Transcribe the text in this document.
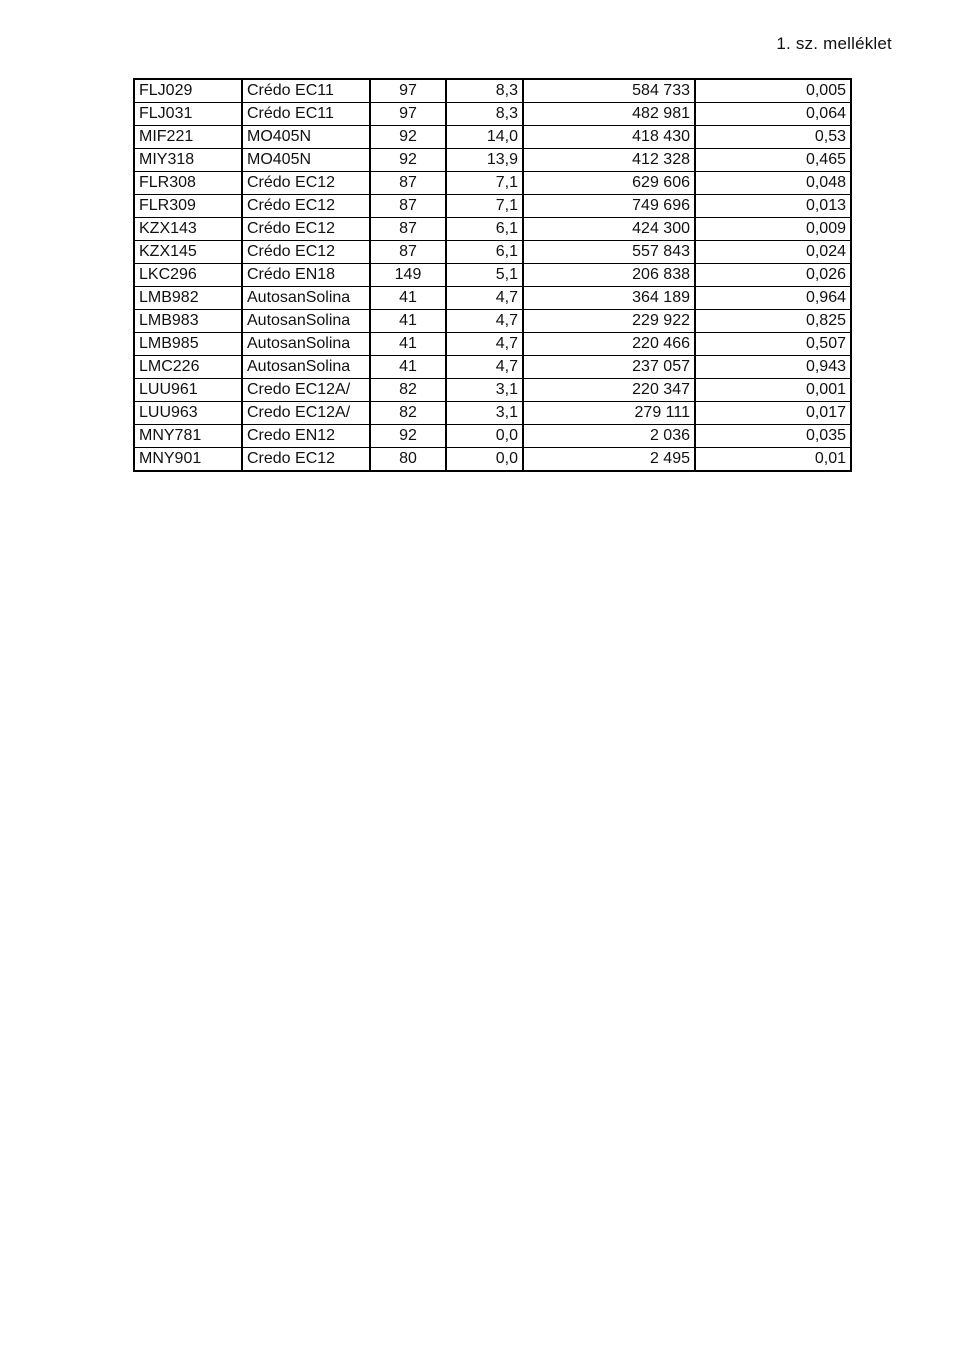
1. sz. melléklet
FLJ029	Crédo EC11	97	8,3	584 733	0,005
FLJ031	Crédo EC11	97	8,3	482 981	0,064
MIF221	MO405N	92	14,0	418 430	0,53
MIY318	MO405N	92	13,9	412 328	0,465
FLR308	Crédo EC12	87	7,1	629 606	0,048
FLR309	Crédo EC12	87	7,1	749 696	0,013
KZX143	Crédo EC12	87	6,1	424 300	0,009
KZX145	Crédo EC12	87	6,1	557 843	0,024
LKC296	Crédo EN18	149	5,1	206 838	0,026
LMB982	AutosanSolina	41	4,7	364 189	0,964
LMB983	AutosanSolina	41	4,7	229 922	0,825
LMB985	AutosanSolina	41	4,7	220 466	0,507
LMC226	AutosanSolina	41	4,7	237 057	0,943
LUU961	Credo EC12A/	82	3,1	220 347	0,001
LUU963	Credo EC12A/	82	3,1	279 111	0,017
MNY781	Credo EN12	92	0,0	2 036	0,035
MNY901	Credo EC12	80	0,0	2 495	0,01
